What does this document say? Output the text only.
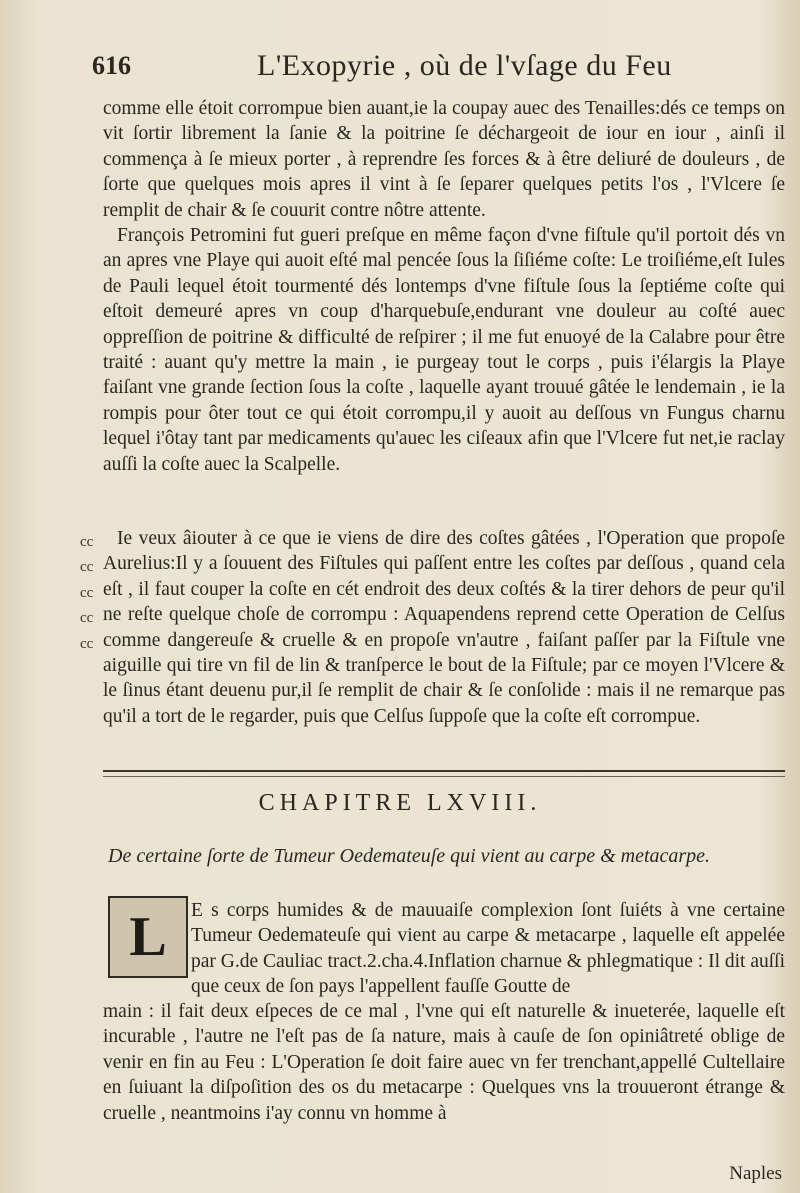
616	L'Exopyrie , où de l'vſage du Feu

comme elle étoit corrompue bien auant,ie la coupay auec des Tenailles:dés ce temps on vit ſortir librement la ſanie & la poitrine ſe déchargeoit de iour en iour , ainſi il commença à ſe mieux porter , à reprendre ſes forces & à être deliuré de douleurs , de ſorte que quelques mois apres il vint à ſe ſeparer quelques petits l'os , l'Vlcere ſe remplit de chair & ſe couurit contre nôtre attente.

François Petromini fut gueri preſque en même façon d'vne fiſtule qu'il portoit dés vn an apres vne Playe qui auoit eſté mal pencée ſous la ſiſiéme coſte: Le troiſiéme,eſt Iules de Pauli lequel étoit tourmenté dés lontemps d'vne fiſtule ſous la ſeptiéme coſte qui eſtoit demeuré apres vn coup d'harquebuſe,endurant vne douleur au coſté auec oppreſſion de poitrine & difficulté de reſpirer ; il me fut enuoyé de la Calabre pour être traité : auant qu'y mettre la main , ie purgeay tout le corps , puis i'élargis la Playe faiſant vne grande ſection ſous la coſte , laquelle ayant trouué gâtée le lendemain , ie la rompis pour ôter tout ce qui étoit corrompu,il y auoit au deſſous vn Fungus charnu lequel i'ôtay tant par medicaments qu'auec les ciſeaux afin que l'Vlcere fut net,ie raclay auſſi la coſte auec la Scalpelle.

cc
cc
cc
cc
cc

Ie veux âiouter à ce que ie viens de dire des coſtes gâtées , l'Operation que propoſe Aurelius:Il y a ſouuent des Fiſtules qui paſſent entre les coſtes par deſſous , quand cela eſt , il faut couper la coſte en cét endroit des deux coſtés & la tirer dehors de peur qu'il ne reſte quelque choſe de corrompu : Aquapendens reprend cette Operation de Celſus comme dangereuſe & cruelle & en propoſe vn'autre , faiſant paſſer par la Fiſtule vne aiguille qui tire vn fil de lin & tranſperce le bout de la Fiſtule; par ce moyen l'Vlcere & le ſinus étant deuenu pur,il ſe remplit de chair & ſe conſolide : mais il ne remarque pas qu'il a tort de le regarder, puis que Celſus ſuppoſe que la coſte eſt corrompue.

CHAPITRE LXVIII.
De certaine ſorte de Tumeur Oedemateuſe qui vient au carpe & metacarpe.
L	E s corps humides & de mauuaiſe complexion ſont ſuiéts à vne certaine Tumeur Oedemateuſe qui vient au carpe & metacarpe , laquelle eſt appelée par G.de Cauliac tract.2.cha.4.Inflation charnue & phlegmatique : Il dit auſſi que ceux de ſon pays l'appellent fauſſe Goutte de

main : il fait deux eſpeces de ce mal , l'vne qui eſt naturelle & inueterée, laquelle eſt incurable , l'autre ne l'eſt pas de ſa nature, mais à cauſe de ſon opiniâtreté oblige de venir en fin au Feu : L'Operation ſe doit faire auec vn fer trenchant,appellé Cultellaire en ſuiuant la diſpoſition des os du metacarpe : Quelques vns la trouueront étrange & cruelle , neantmoins i'ay connu vn homme à

Naples
